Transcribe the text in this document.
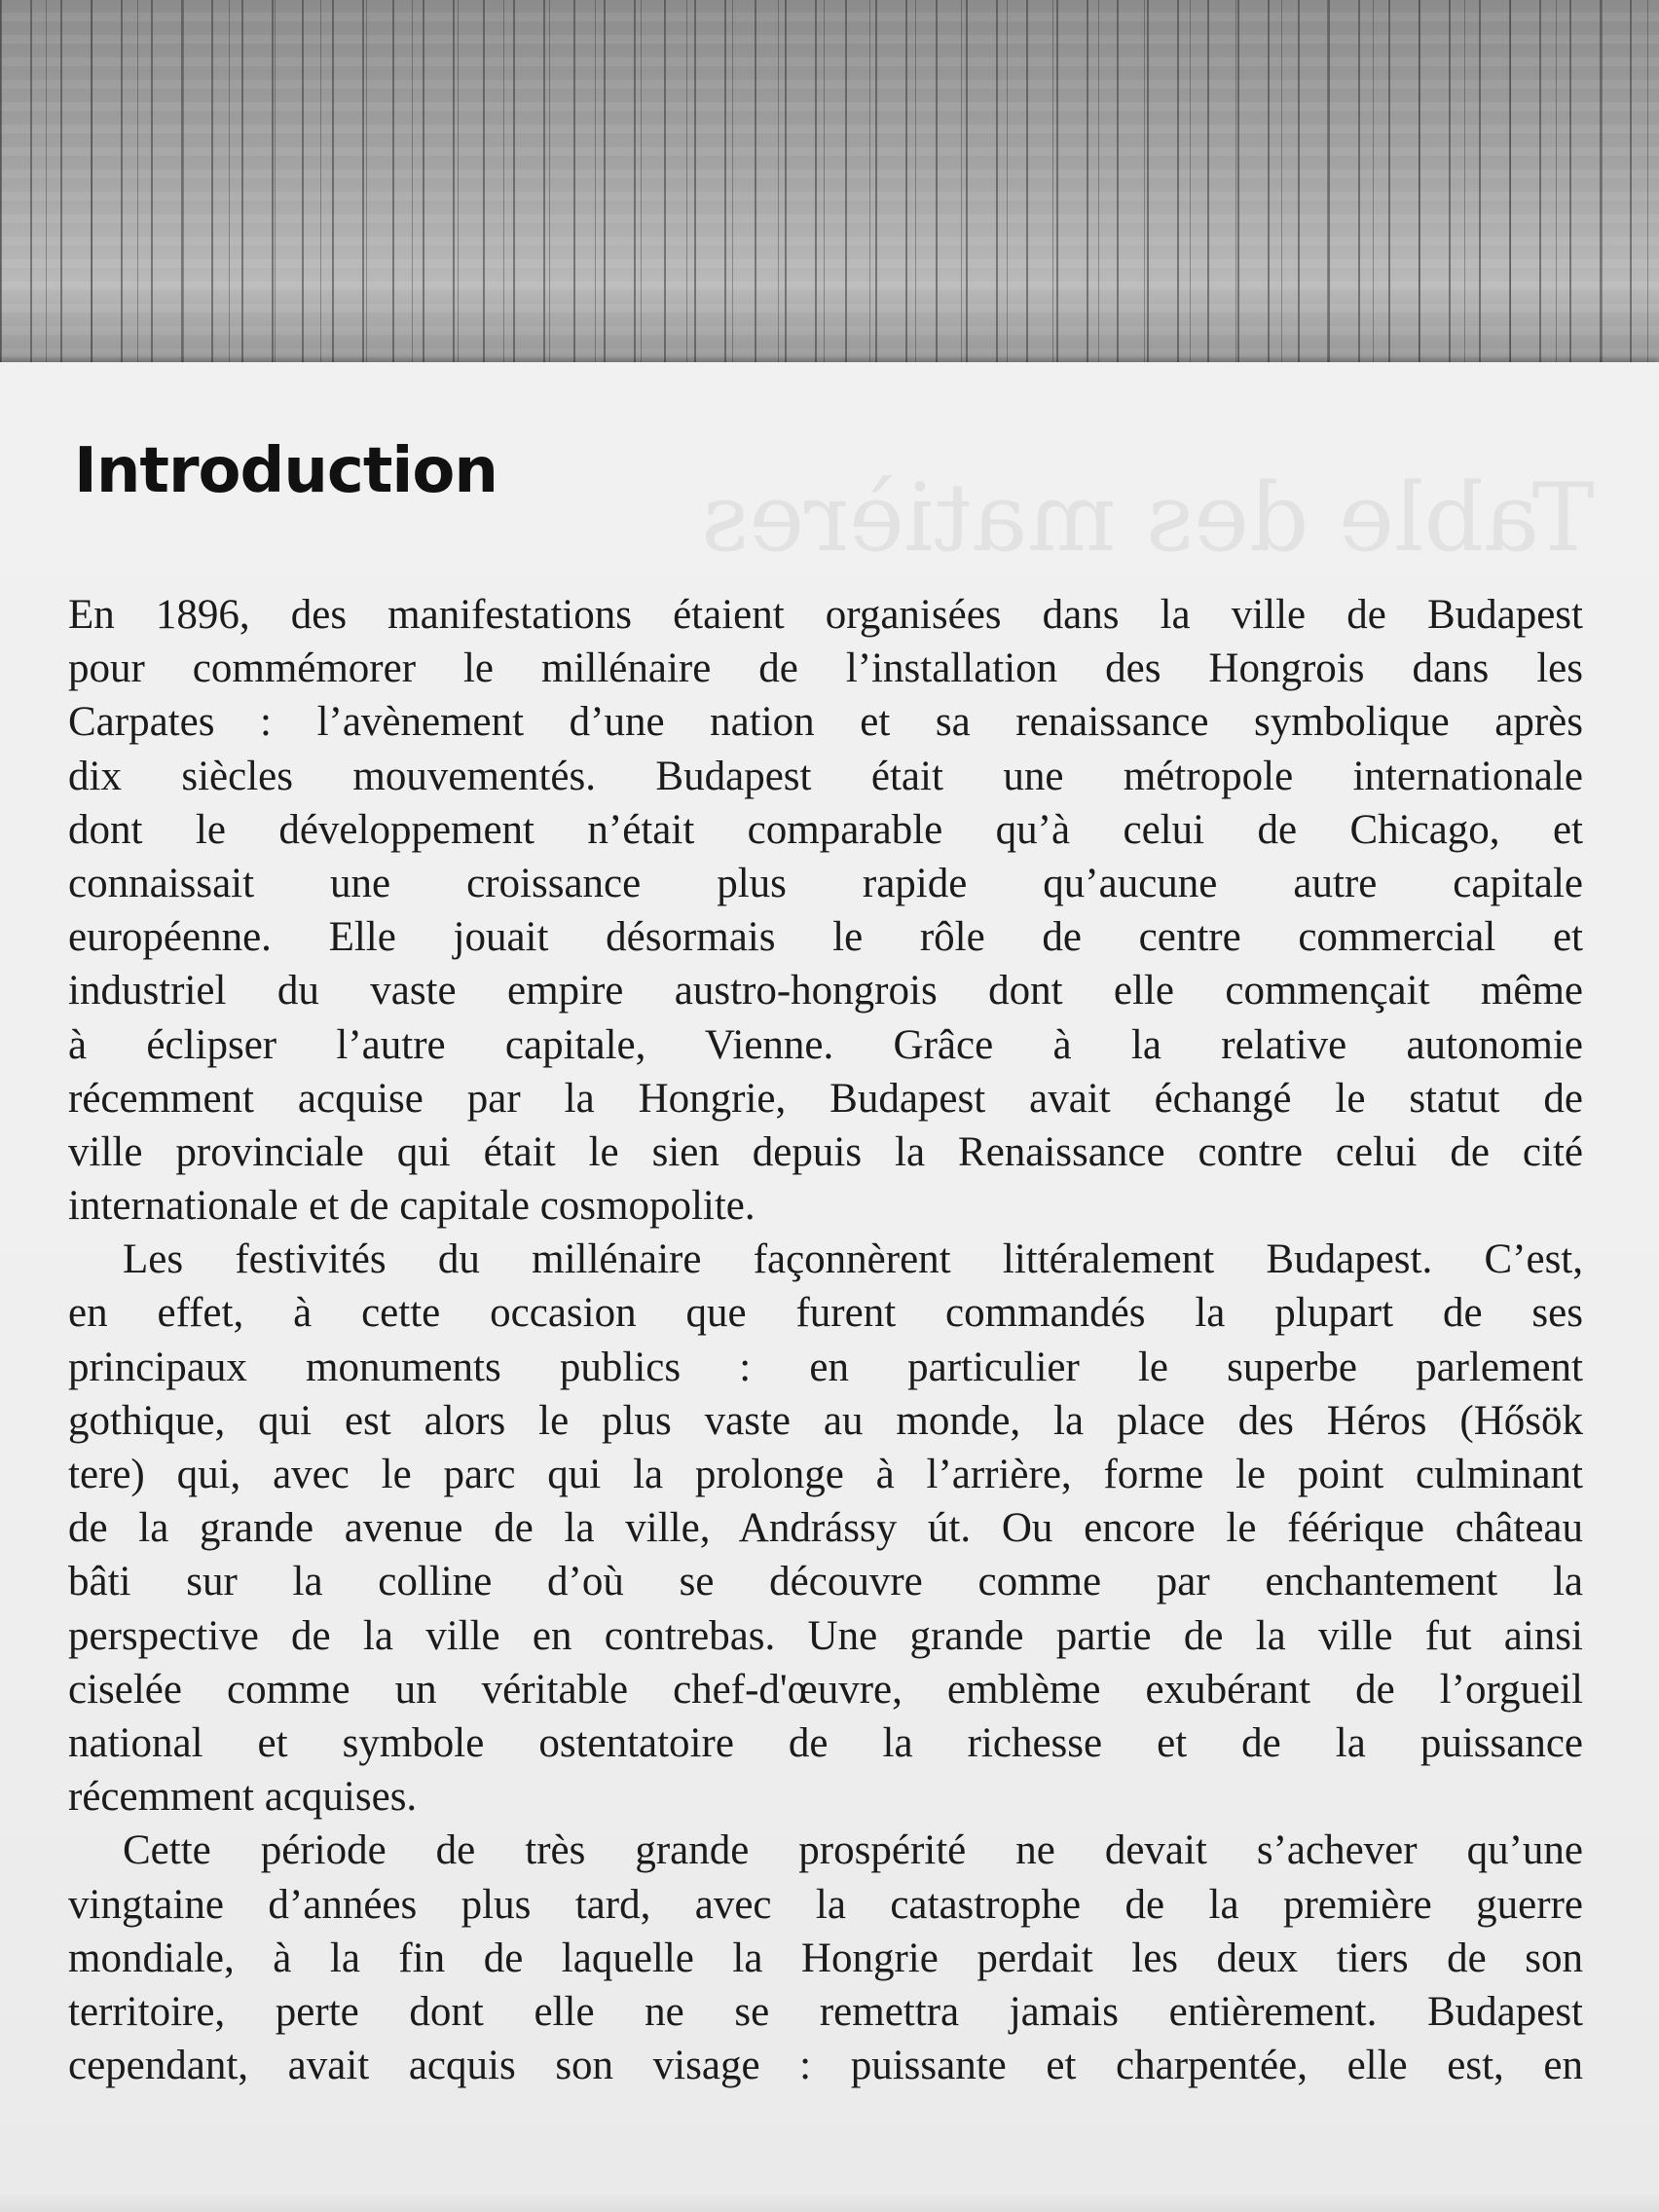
Table des matières
Introduction
En 1896, des manifestations étaient organisées dans la ville de Budapest
pour commémorer le millénaire de l’installation des Hongrois dans les
Carpates : l’avènement d’une nation et sa renaissance symbolique après
dix siècles mouvementés. Budapest était une métropole internationale
dont le développement n’était comparable qu’à celui de Chicago, et
connaissait une croissance plus rapide qu’aucune autre capitale
européenne. Elle jouait désormais le rôle de centre commercial et
industriel du vaste empire austro-hongrois dont elle commençait même
à éclipser l’autre capitale, Vienne. Grâce à la relative autonomie
récemment acquise par la Hongrie, Budapest avait échangé le statut de
ville provinciale qui était le sien depuis la Renaissance contre celui de cité
internationale et de capitale cosmopolite.
Les festivités du millénaire façonnèrent littéralement Budapest. C’est,
en effet, à cette occasion que furent commandés la plupart de ses
principaux monuments publics : en particulier le superbe parlement
gothique, qui est alors le plus vaste au monde, la place des Héros (Hősök
tere) qui, avec le parc qui la prolonge à l’arrière, forme le point culminant
de la grande avenue de la ville, Andrássy út. Ou encore le féérique château
bâti sur la colline d’où se découvre comme par enchantement la
perspective de la ville en contrebas. Une grande partie de la ville fut ainsi
ciselée comme un véritable chef-d'œuvre, emblème exubérant de l’orgueil
national et symbole ostentatoire de la richesse et de la puissance
récemment acquises.
Cette période de très grande prospérité ne devait s’achever qu’une
vingtaine d’années plus tard, avec la catastrophe de la première guerre
mondiale, à la fin de laquelle la Hongrie perdait les deux tiers de son
territoire, perte dont elle ne se remettra jamais entièrement. Budapest
cependant, avait acquis son visage : puissante et charpentée, elle est, en
